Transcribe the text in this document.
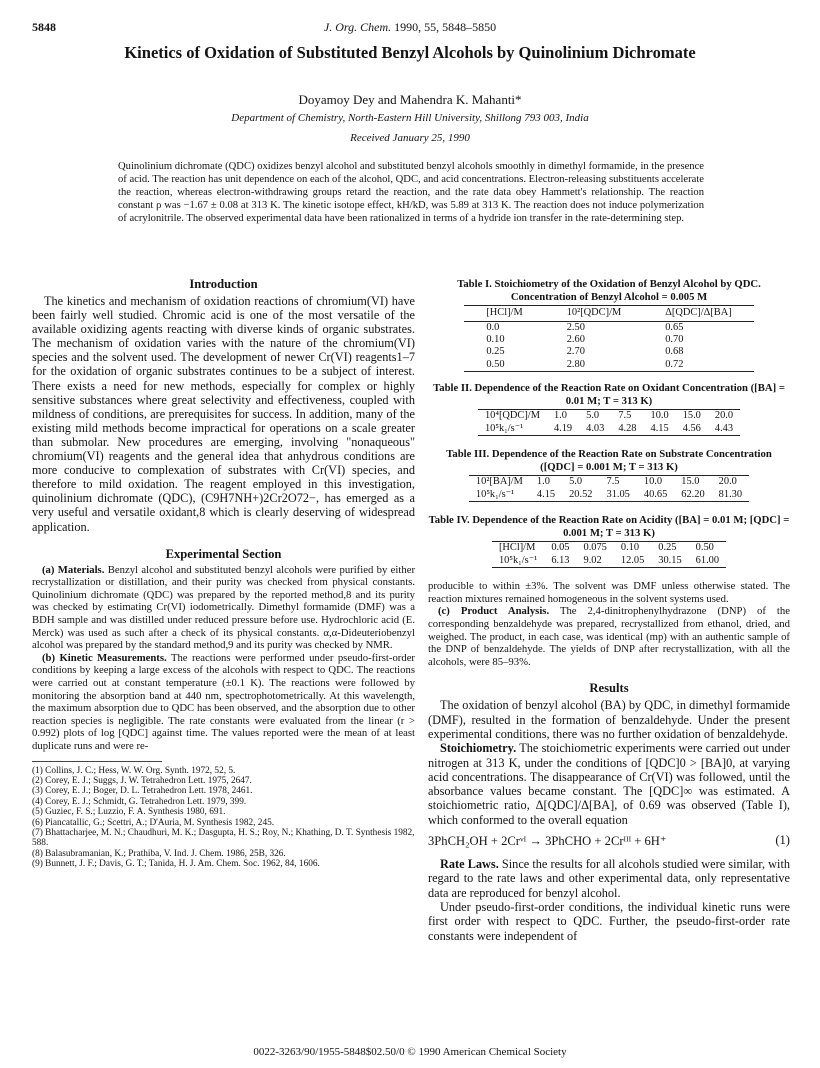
5848	J. Org. Chem. 1990, 55, 5848–5850
Kinetics of Oxidation of Substituted Benzyl Alcohols by Quinolinium Dichromate
Doyamoy Dey and Mahendra K. Mahanti*
Department of Chemistry, North-Eastern Hill University, Shillong 793 003, India
Received January 25, 1990
Quinolinium dichromate (QDC) oxidizes benzyl alcohol and substituted benzyl alcohols smoothly in dimethyl formamide, in the presence of acid. The reaction has unit dependence on each of the alcohol, QDC, and acid concentrations. Electron-releasing substituents accelerate the reaction, whereas electron-withdrawing groups retard the reaction, and the rate data obey Hammett's relationship. The reaction constant ρ was −1.67 ± 0.08 at 313 K. The kinetic isotope effect, kH/kD, was 5.89 at 313 K. The reaction does not induce polymerization of acrylonitrile. The observed experimental data have been rationalized in terms of a hydride ion transfer in the rate-determining step.
Introduction

The kinetics and mechanism of oxidation reactions of chromium(VI) have been fairly well studied. Chromic acid is one of the most versatile of the available oxidizing agents reacting with diverse kinds of organic substrates. The mechanism of oxidation varies with the nature of the chromium(VI) species and the solvent used. The development of newer Cr(VI) reagents1–7 for the oxidation of organic substrates continues to be a subject of interest. There exists a need for new methods, especially for complex or highly sensitive substances where great selectivity and effectiveness, coupled with mildness of conditions, are prerequisites for success. In addition, many of the existing mild methods become impractical for operations on a scale greater than submolar. New procedures are emerging, involving "nonaqueous" chromium(VI) reagents and the general idea that anhydrous conditions are more conducive to complexation of substrates with Cr(VI) species, and therefore to mild oxidation. The reagent employed in this investigation, quinolinium dichromate (QDC), (C9H7NH+)2Cr2O72−, has emerged as a very useful and versatile oxidant,8 which is clearly deserving of widespread application.

Experimental Section

(a) Materials. Benzyl alcohol and substituted benzyl alcohols were purified by either recrystallization or distillation, and their purity was checked from physical constants. Quinolinium dichromate (QDC) was prepared by the reported method,8 and its purity was checked by estimating Cr(VI) iodometrically. Dimethyl formamide (DMF) was a BDH sample and was distilled under reduced pressure before use. Hydrochloric acid (E. Merck) was used as such after a check of its physical constants. α,α-Dideuteriobenzyl alcohol was prepared by the standard method,9 and its purity was checked by NMR.

(b) Kinetic Measurements. The reactions were performed under pseudo-first-order conditions by keeping a large excess of the alcohols with respect to QDC. The reactions were carried out at constant temperature (±0.1 K). The reactions were followed by monitoring the absorption band at 440 nm, spectrophotometrically. At this wavelength, the maximum absorption due to QDC has been observed, and the absorption due to other reaction species is negligible. The rate constants were evaluated from the linear (r > 0.992) plots of log [QDC] against time. The values reported were the mean of at least duplicate runs and were re-

(1) Collins, J. C.; Hess, W. W. Org. Synth. 1972, 52, 5.
(2) Corey, E. J.; Suggs, J. W. Tetrahedron Lett. 1975, 2647.
(3) Corey, E. J.; Boger, D. L. Tetrahedron Lett. 1978, 2461.
(4) Corey, E. J.; Schmidt, G. Tetrahedron Lett. 1979, 399.
(5) Guziec, F. S.; Luzzio, F. A. Synthesis 1980, 691.
(6) Piancatallic, G.; Scettri, A.; D'Auria, M. Synthesis 1982, 245.
(7) Bhattacharjee, M. N.; Chaudhuri, M. K.; Dasgupta, H. S.; Roy, N.; Khathing, D. T. Synthesis 1982, 588.
(8) Balasubramanian, K.; Prathiba, V. Ind. J. Chem. 1986, 25B, 326.
(9) Bunnett, J. F.; Davis, G. T.; Tanida, H. J. Am. Chem. Soc. 1962, 84, 1606.
Table I. Stoichiometry of the Oxidation of Benzyl Alcohol by QDC. Concentration of Benzyl Alcohol = 0.005 M
[HCl]/M	10²[QDC]/M	Δ[QDC]/Δ[BA]
0.0	2.50	0.65
0.10	2.60	0.70
0.25	2.70	0.68
0.50	2.80	0.72
Table II. Dependence of the Reaction Rate on Oxidant Concentration ([BA] = 0.01 M; T = 313 K)
10⁴[QDC]/M	1.0	5.0	7.5	10.0	15.0	20.0
10⁵k₁/s⁻¹	4.19	4.03	4.28	4.15	4.56	4.43
Table III. Dependence of the Reaction Rate on Substrate Concentration ([QDC] = 0.001 M; T = 313 K)
10²[BA]/M	1.0	5.0	7.5	10.0	15.0	20.0
10⁵k₁/s⁻¹	4.15	20.52	31.05	40.65	62.20	81.30
Table IV. Dependence of the Reaction Rate on Acidity ([BA] = 0.01 M; [QDC] = 0.001 M; T = 313 K)
[HCl]/M	0.05	0.075	0.10	0.25	0.50
10⁵k₁/s⁻¹	6.13	9.02	12.05	30.15	61.00

producible to within ±3%. The solvent was DMF unless otherwise stated. The reaction mixtures remained homogeneous in the solvent systems used.

(c) Product Analysis. The 2,4-dinitrophenylhydrazone (DNP) of the corresponding benzaldehyde was prepared, recrystallized from ethanol, dried, and weighed. The product, in each case, was identical (mp) with an authentic sample of the DNP of benzaldehyde. The yields of DNP after recrystallization, with all the alcohols, were 85–93%.

Results

The oxidation of benzyl alcohol (BA) by QDC, in dimethyl formamide (DMF), resulted in the formation of benzaldehyde. Under the present experimental conditions, there was no further oxidation of benzaldehyde.

Stoichiometry. The stoichiometric experiments were carried out under nitrogen at 313 K, under the conditions of [QDC]0 > [BA]0, at varying acid concentrations. The disappearance of Cr(VI) was followed, until the absorbance values became constant. The [QDC]∞ was estimated. A stoichiometric ratio, Δ[QDC]/Δ[BA], of 0.69 was observed (Table I), which conformed to the overall equation

3PhCH₂OH + 2Crᵛᴵ → 3PhCHO + 2Crᴵᴵᴵ + 6H⁺	(1)

Rate Laws. Since the results for all alcohols studied were similar, with regard to the rate laws and other experimental data, only representative data are reproduced for benzyl alcohol.

Under pseudo-first-order conditions, the individual kinetic runs were first order with respect to QDC. Further, the pseudo-first-order rate constants were independent of

0022-3263/90/1955-5848$02.50/0 © 1990 American Chemical Society
